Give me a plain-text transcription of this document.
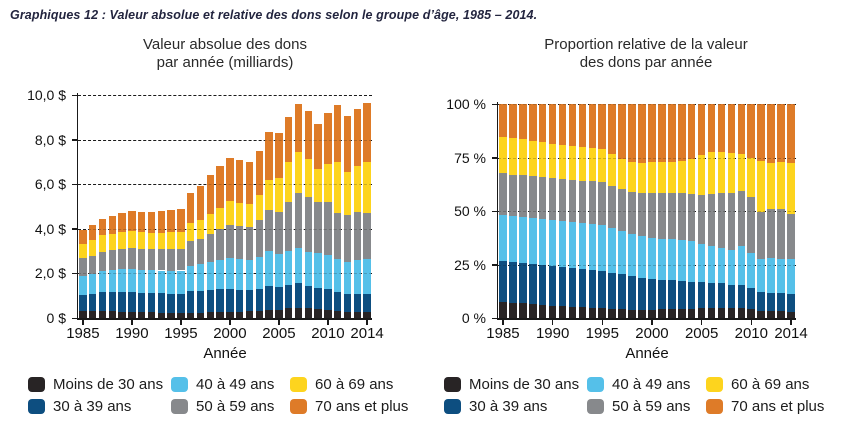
Graphiques 12 : Valeur absolue et relative des dons selon le groupe d’âge, 1985 – 2014.
Valeur absolue des dons
par année (milliards)
Proportion relative de la valeur
des dons par année
Année	Année
Moins de 30 ans 40 à 49 ans	60 à 69 ans
30 à 39 ans	50 à 59 ans	70 ans et plus
Moins de 30 ans 40 à 49 ans	60 à 69 ans
30 à 39 ans	50 à 59 ans	70 ans et plus
0 $
2,0 $
4,0 $
6,0 $
8,0 $
10,0 $
1985	1990	1995	2000	2005	2010 2014
0 %
25 %
50 %
75 %
100 %
1985	1990	1995	2000	2005	2010 2014
